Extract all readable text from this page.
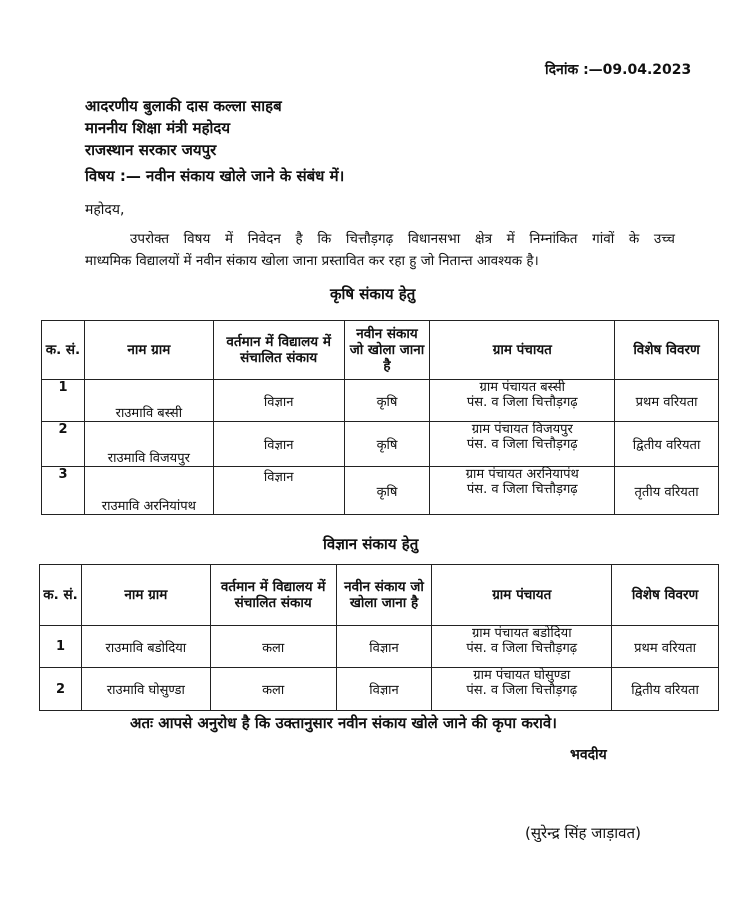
दिनांक :—09.04.2023
आदरणीय बुलाकी दास कल्ला साहब
माननीय शिक्षा मंत्री महोदय
राजस्थान सरकार जयपुर
विषय :— नवीन संकाय खोले जाने के संबंध में।
महोदय,
उपरोक्त विषय में निवेदन है कि चित्तौड़गढ़ विधानसभा क्षेत्र में निम्नांकित गांवों के उच्च
माध्यमिक विद्यालयों में नवीन संकाय खोला जाना प्रस्तावित कर रहा हु जो नितान्त आवश्यक है।
कृषि संकाय हेतु
क. सं.	नाम ग्राम	वर्तमान में विद्यालय में संचालित संकाय	नवीन संकाय जो खोला जाना है	ग्राम पंचायत	विशेष विवरण
1	राउमावि बस्सी	विज्ञान	कृषि	ग्राम पंचायत बस्सी
पंस. व जिला चित्तौड़गढ़	प्रथम वरियता
2	राउमावि विजयपुर	विज्ञान	कृषि	ग्राम पंचायत विजयपुर
पंस. व जिला चित्तौड़गढ़	द्वितीय वरियता
3	राउमावि अरनियांपथ	विज्ञान	कृषि	ग्राम पंचायत अरनियापंथ
पंस. व जिला चित्तौड़गढ़	तृतीय वरियता
विज्ञान संकाय हेतु
क. सं.	नाम ग्राम	वर्तमान में विद्यालय में संचालित संकाय	नवीन संकाय जो खोला जाना है	ग्राम पंचायत	विशेष विवरण
1	राउमावि बडोदिया	कला	विज्ञान	ग्राम पंचायत बडोदिया
पंस. व जिला चित्तौड़गढ़	प्रथम वरियता
2	राउमावि घोसुण्डा	कला	विज्ञान	ग्राम पंचायत घोसुण्डा
पंस. व जिला चित्तौड़गढ़	द्वितीय वरियता
अतः आपसे अनुरोध है कि उक्तानुसार नवीन संकाय खोले जाने की कृपा करावे।
भवदीय
(सुरेन्द्र सिंह जाड़ावत)
